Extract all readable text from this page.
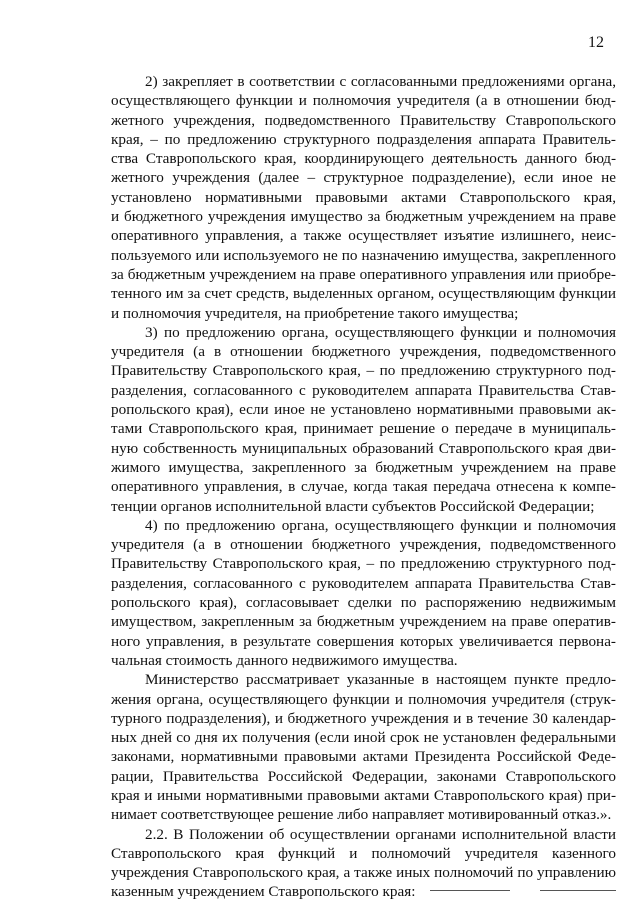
12
2) закрепляет в соответствии с согласованными предложениями органа,
осуществляющего функции и полномочия учредителя (а в отношении бюд-
жетного учреждения, подведомственного Правительству Ставропольского
края, – по предложению структурного подразделения аппарата Правитель-
ства Ставропольского края, координирующего деятельность данного бюд-
жетного учреждения (далее – структурное подразделение), если иное не
установлено нормативными правовыми актами Ставропольского края,
и бюджетного учреждения имущество за бюджетным учреждением на праве
оперативного управления, а также осуществляет изъятие излишнего, неис-
пользуемого или используемого не по назначению имущества, закрепленного
за бюджетным учреждением на праве оперативного управления или приобре-
тенного им за счет средств, выделенных органом, осуществляющим функции
и полномочия учредителя, на приобретение такого имущества;
3) по предложению органа, осуществляющего функции и полномочия
учредителя (а в отношении бюджетного учреждения, подведомственного
Правительству Ставропольского края, – по предложению структурного под-
разделения, согласованного с руководителем аппарата Правительства Став-
ропольского края), если иное не установлено нормативными правовыми ак-
тами Ставропольского края, принимает решение о передаче в муниципаль-
ную собственность муниципальных образований Ставропольского края дви-
жимого имущества, закрепленного за бюджетным учреждением на праве
оперативного управления, в случае, когда такая передача отнесена к компе-
тенции органов исполнительной власти субъектов Российской Федерации;
4) по предложению органа, осуществляющего функции и полномочия
учредителя (а в отношении бюджетного учреждения, подведомственного
Правительству Ставропольского края, – по предложению структурного под-
разделения, согласованного с руководителем аппарата Правительства Став-
ропольского края), согласовывает сделки по распоряжению недвижимым
имуществом, закрепленным за бюджетным учреждением на праве оператив-
ного управления, в результате совершения которых увеличивается первона-
чальная стоимость данного недвижимого имущества.
Министерство рассматривает указанные в настоящем пункте предло-
жения органа, осуществляющего функции и полномочия учредителя (струк-
турного подразделения), и бюджетного учреждения и в течение 30 календар-
ных дней со дня их получения (если иной срок не установлен федеральными
законами, нормативными правовыми актами Президента Российской Феде-
рации, Правительства Российской Федерации, законами Ставропольского
края и иными нормативными правовыми актами Ставропольского края) при-
нимает соответствующее решение либо направляет мотивированный отказ.».
2.2. В Положении об осуществлении органами исполнительной власти
Ставропольского края функций и полномочий учредителя казенного
учреждения Ставропольского края, а также иных полномочий по управлению
казенным учреждением Ставропольского края:
